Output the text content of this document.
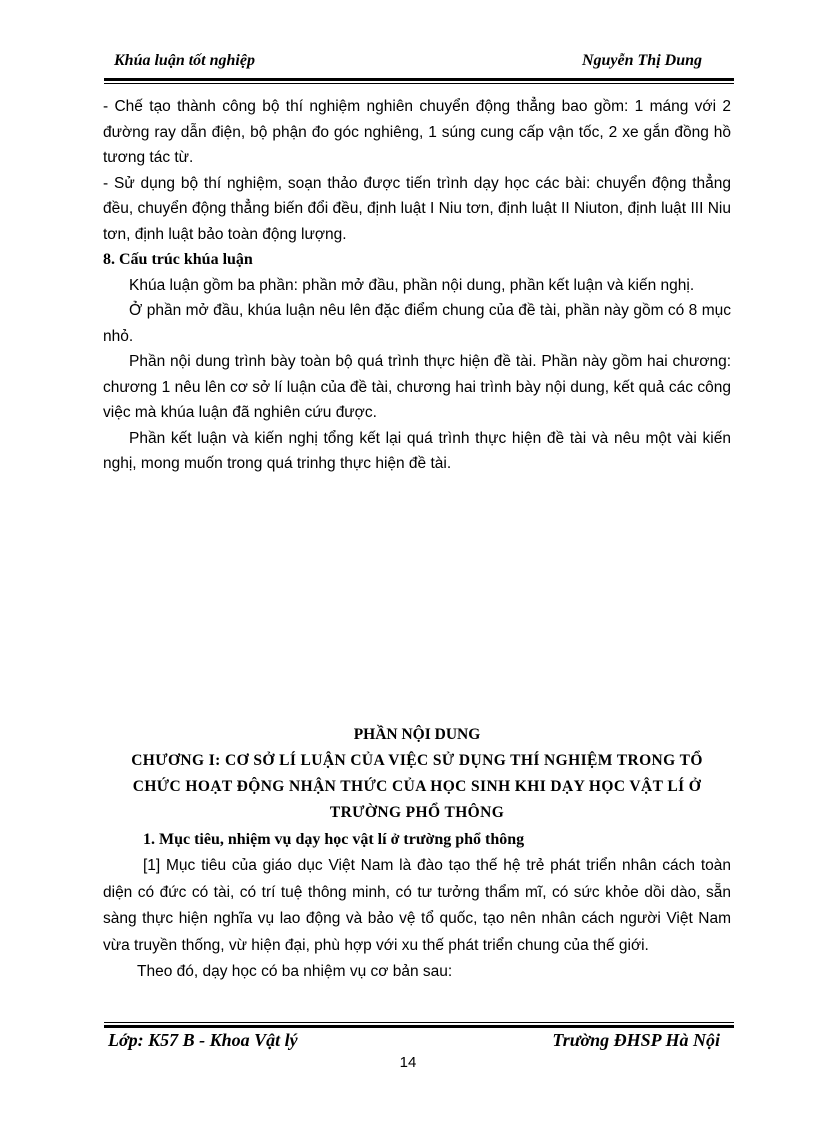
Khúa luận tốt nghiệp	Nguyễn Thị Dung

- Chế tạo thành công bộ thí nghiệm nghiên chuyển động thẳng bao gồm: 1 máng với 2 đường ray dẫn điện, bộ phận đo góc nghiêng, 1 súng cung cấp vận tốc, 2 xe gắn đồng hồ tương tác từ.

- Sử dụng bộ thí nghiệm, soạn thảo được tiến trình dạy học các bài: chuyển động thẳng đều, chuyển động thẳng biến đổi đều, định luật I Niu tơn, định luật II Niuton, định luật III Niu tơn, định luật bảo toàn động lượng.

8. Cấu trúc khúa luận

Khúa luận gồm ba phần: phần mở đầu, phần nội dung, phần kết luận và kiến nghị.

Ở phần mở đầu, khúa luận nêu lên đặc điểm chung của đề tài, phần này gồm có 8 mục nhỏ.

Phần nội dung trình bày toàn bộ quá trình thực hiện đề tài. Phần này gồm hai chương: chương 1 nêu lên cơ sở lí luận của đề tài, chương hai trình bày nội dung, kết quả các công việc mà khúa luận đã nghiên cứu được.

Phần kết luận và kiến nghị tổng kết lại quá trình thực hiện đề tài và nêu một vài kiến nghị, mong muốn trong quá trinhg thực hiện đề tài.

PHẦN NỘI DUNG
CHƯƠNG I: CƠ SỞ LÍ LUẬN CỦA VIỆC SỬ DỤNG THÍ NGHIỆM TRONG TỔ
CHỨC HOẠT ĐỘNG NHẬN THỨC CỦA HỌC SINH KHI DẠY HỌC VẬT LÍ Ở
TRƯỜNG PHỔ THÔNG
1. Mục tiêu, nhiệm vụ dạy học vật lí ở trường phổ thông

[1] Mục tiêu của giáo dục Việt Nam là đào tạo thế hệ trẻ phát triển nhân cách toàn diện có đức có tài, có trí tuệ thông minh, có tư tưởng thẩm mĩ, có sức khỏe dồi dào, sẵn sàng thực hiện nghĩa vụ lao động và bảo vệ tổ quốc, tạo nên nhân cách người Việt Nam vừa truyền thống, vừ hiện đại, phù hợp với xu thế phát triển chung của thế giới.

Theo đó, dạy học có ba nhiệm vụ cơ bản sau:

Lớp: K57 B - Khoa Vật lý	Trường ĐHSP Hà Nội
14
